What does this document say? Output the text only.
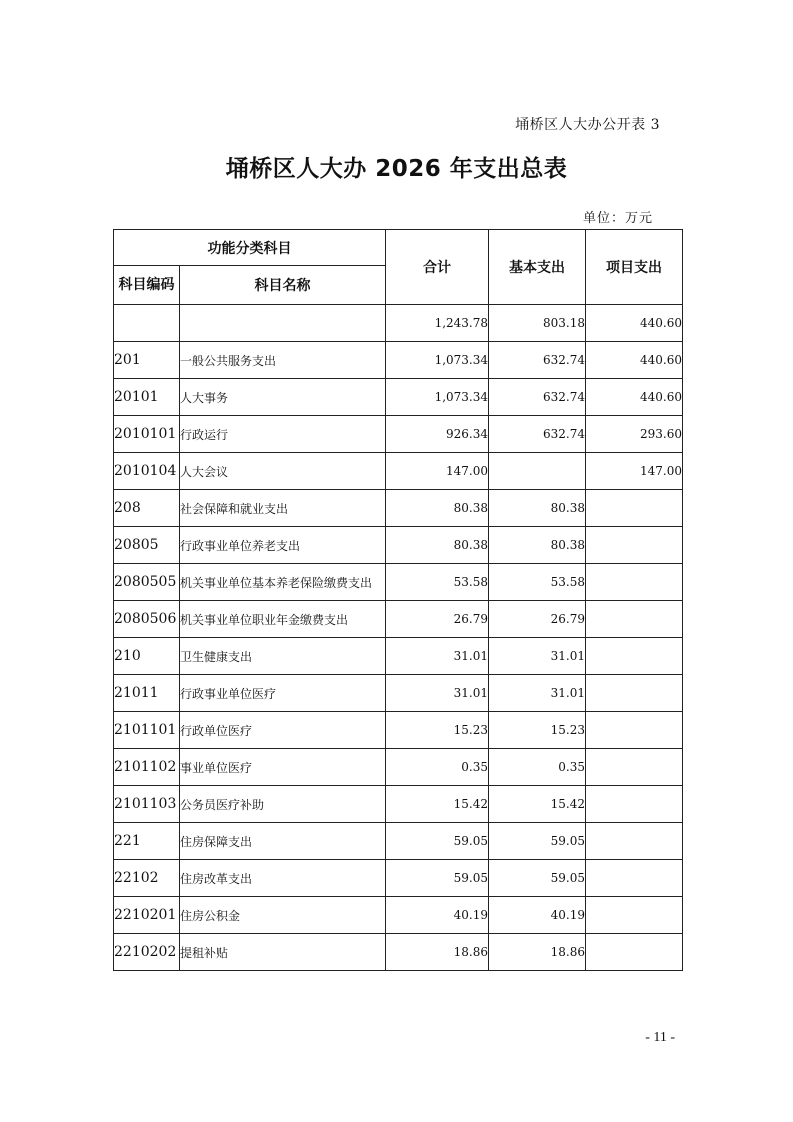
埇桥区人大办公开表 3
埇桥区人大办 2026 年支出总表
单位：万元
功能分类科目		合计	基本支出	项目支出
科目编码	科目名称			
		1,243.78	803.18	440.60
201	一般公共服务支出	1,073.34	632.74	440.60
20101	人大事务	1,073.34	632.74	440.60
2010101	行政运行	926.34	632.74	293.60
2010104	人大会议	147.00		147.00
208	社会保障和就业支出	80.38	80.38	
20805	行政事业单位养老支出	80.38	80.38	
2080505	机关事业单位基本养老保险缴费支出	53.58	53.58	
2080506	机关事业单位职业年金缴费支出	26.79	26.79	
210	卫生健康支出	31.01	31.01	
21011	行政事业单位医疗	31.01	31.01	
2101101	行政单位医疗	15.23	15.23	
2101102	事业单位医疗	0.35	0.35	
2101103	公务员医疗补助	15.42	15.42	
221	住房保障支出	59.05	59.05	
22102	住房改革支出	59.05	59.05	
2210201	住房公积金	40.19	40.19	
2210202	提租补贴	18.86	18.86	
- 11 -
